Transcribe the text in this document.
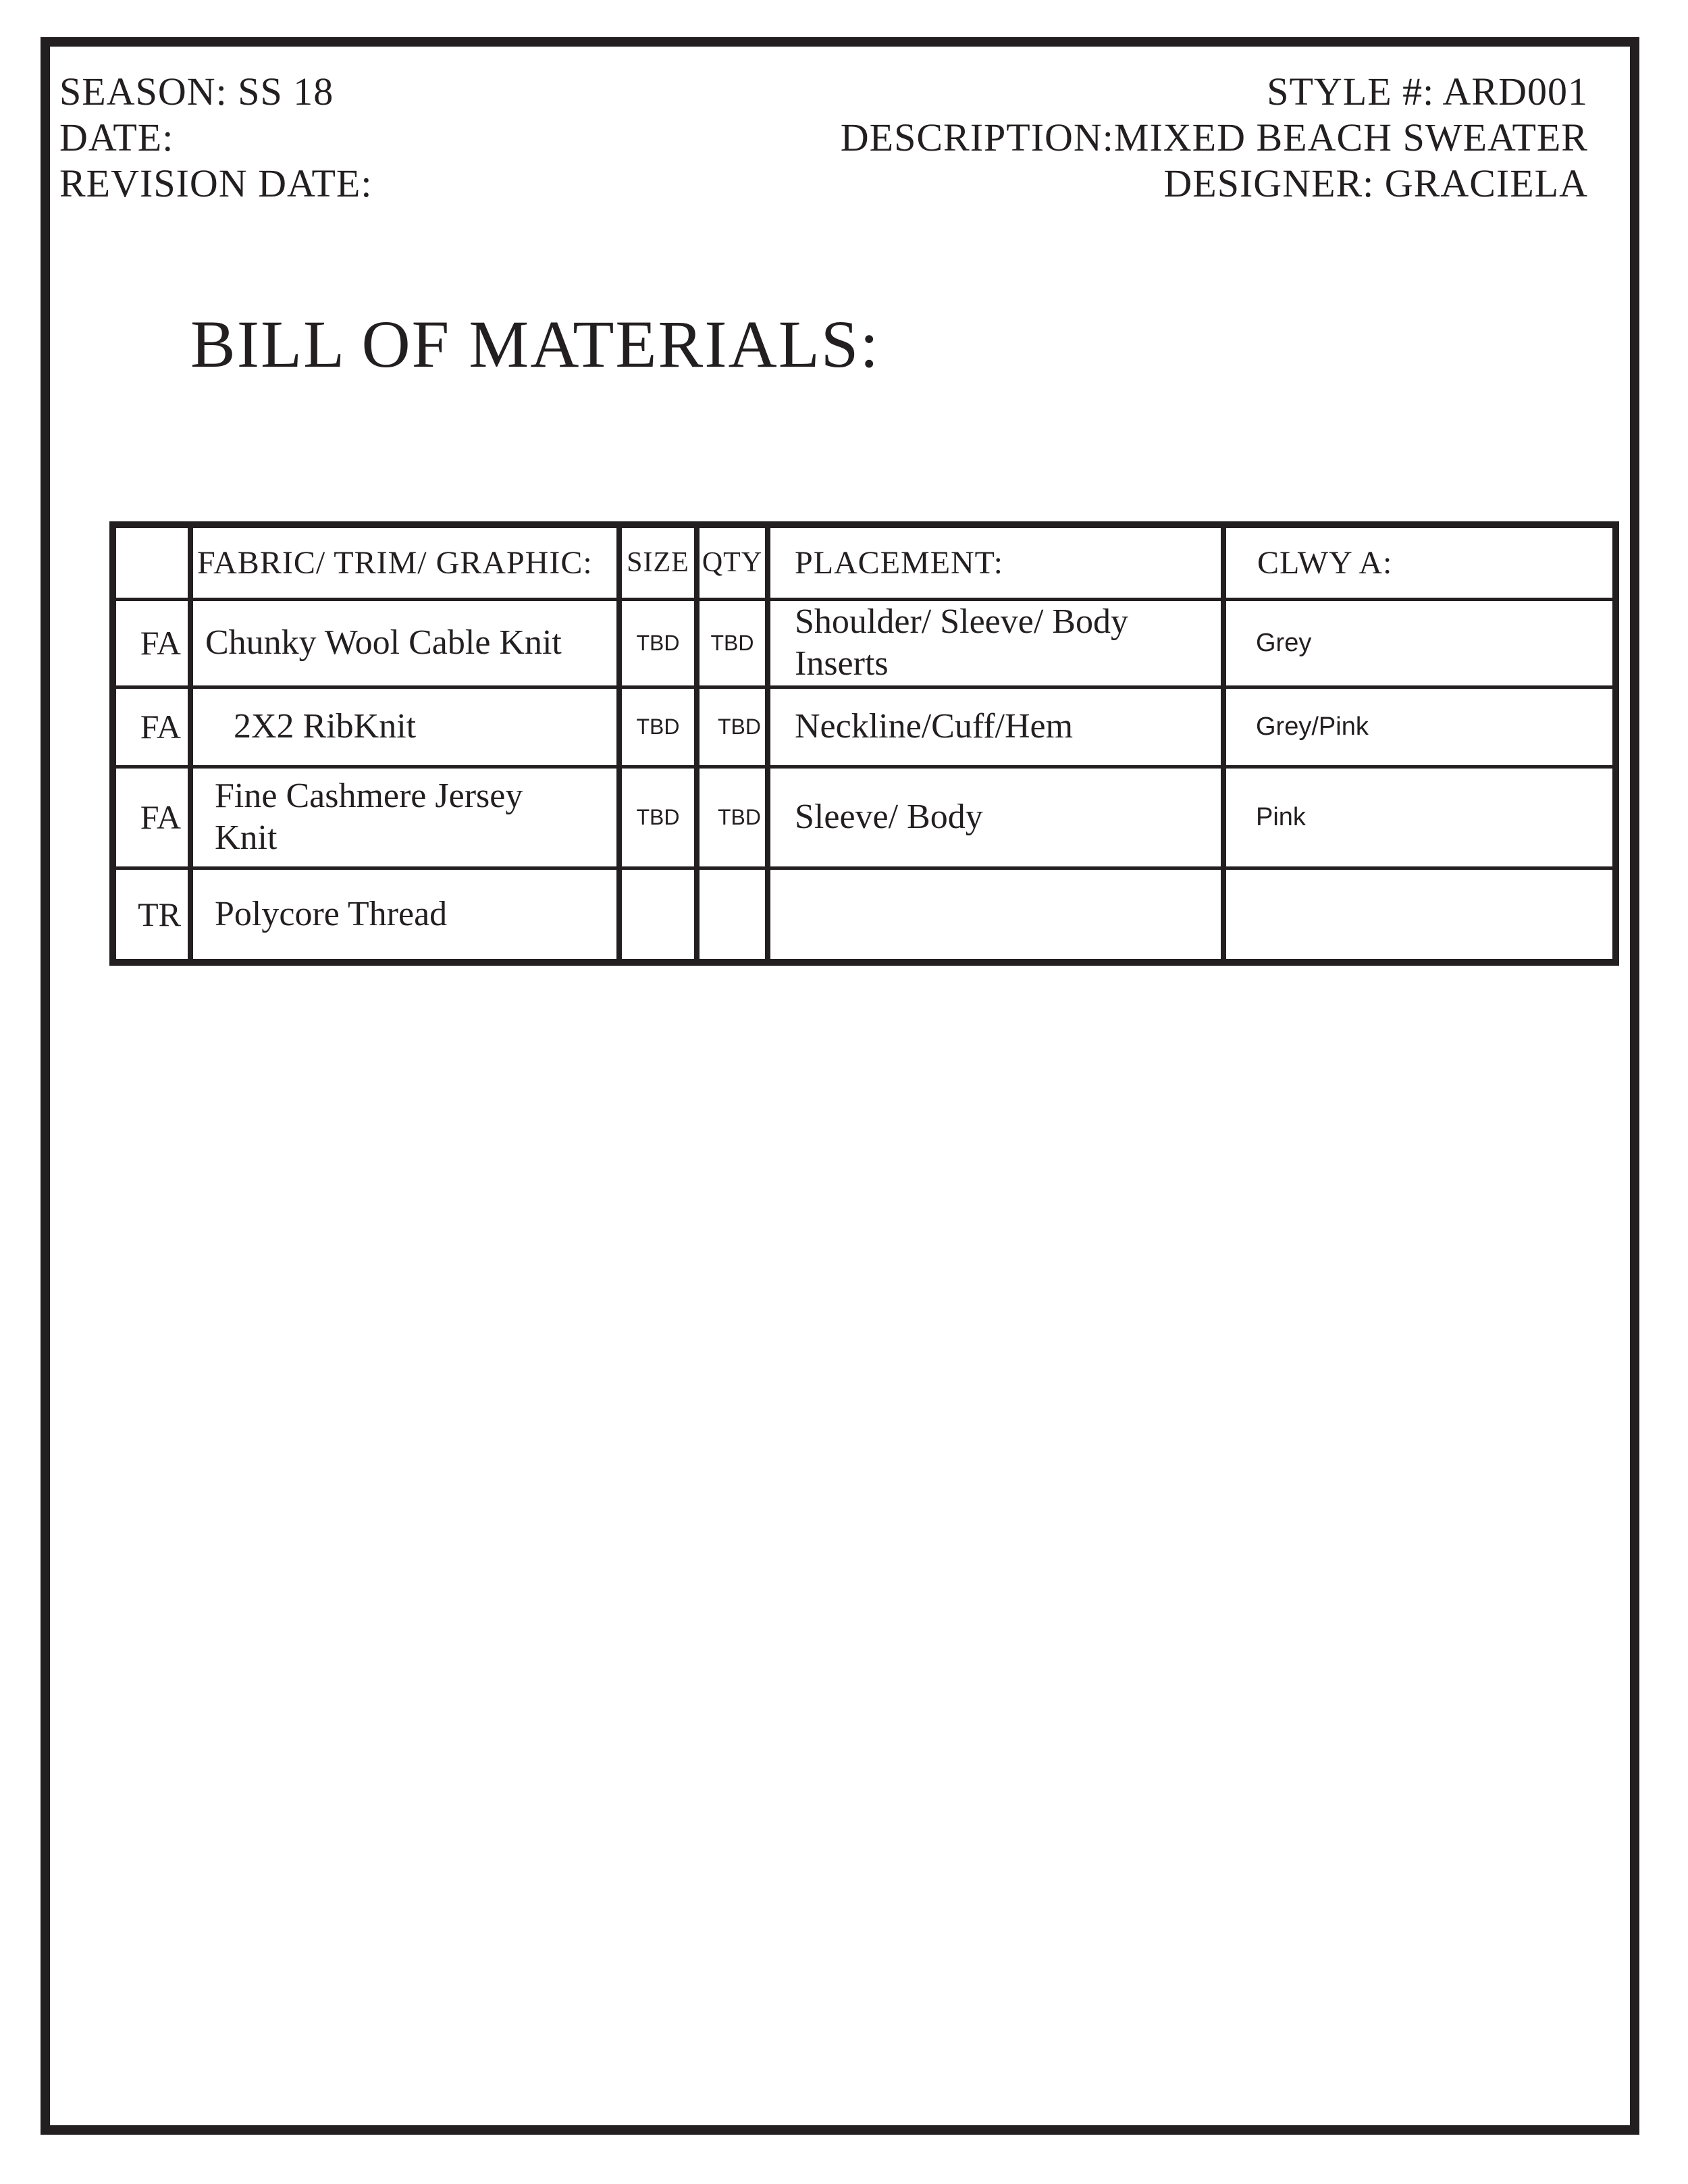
SEASON: SS 18
DATE:
REVISION DATE:
STYLE #: ARD001
DESCRIPTION:MIXED BEACH SWEATER
DESIGNER: GRACIELA
BILL OF MATERIALS:
	FABRIC/ TRIM/ GRAPHIC:	SIZE	QTY	PLACEMENT:	CLWY A:
FA	Chunky Wool Cable Knit	TBD	TBD	Shoulder/ Sleeve/ Body Inserts	Grey
FA	2X2 RibKnit	TBD	TBD	Neckline/Cuff/Hem	Grey/Pink
FA	Fine Cashmere Jersey Knit	TBD	TBD	Sleeve/ Body	Pink
TR	Polycore Thread				
